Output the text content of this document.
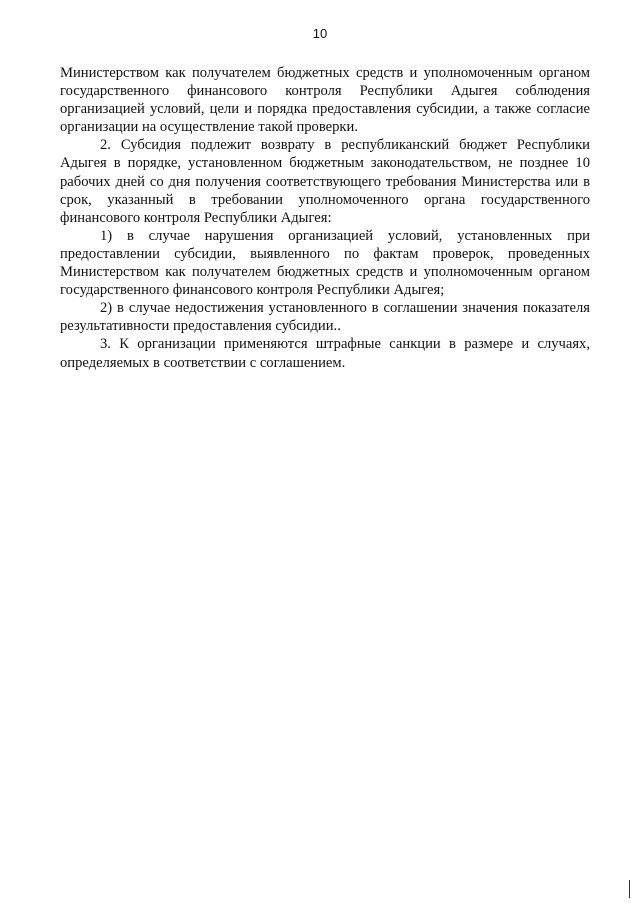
10

Министерством как получателем бюджетных средств и уполномоченным органом государственного финансового контроля Республики Адыгея соблюдения организацией условий, цели и порядка предоставления субсидии, а также согласие организации на осуществление такой проверки.

2. Субсидия подлежит возврату в республиканский бюджет Республики Адыгея в порядке, установленном бюджетным законодательством, не позднее 10 рабочих дней со дня получения соответствующего требования Министерства или в срок, указанный в требовании уполномоченного органа государственного финансового контроля Республики Адыгея:

1) в случае нарушения организацией условий, установленных при предоставлении субсидии, выявленного по фактам проверок, проведенных Министерством как получателем бюджетных средств и уполномоченным органом государственного финансового контроля Республики Адыгея;

2) в случае недостижения установленного в соглашении значения показателя результативности предоставления субсидии..

3. К организации применяются штрафные санкции в размере и случаях, определяемых в соответствии с соглашением.
